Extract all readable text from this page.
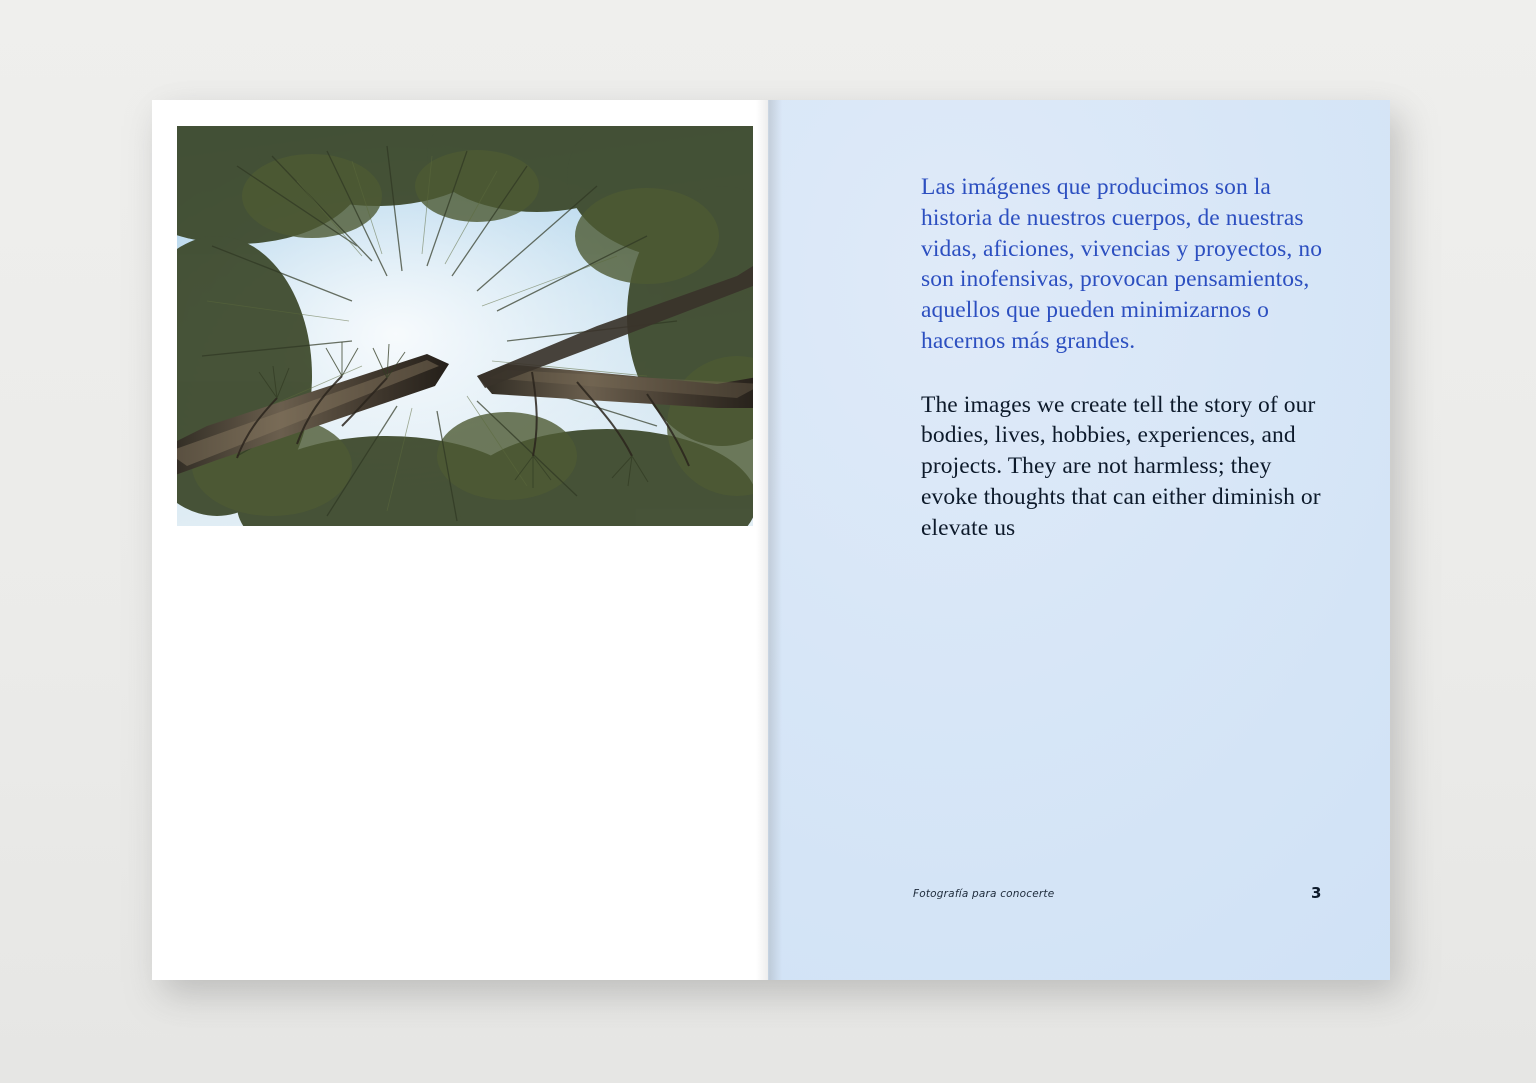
Las imágenes que producimos son la historia de nuestros cuerpos, de nuestras vidas, aficiones, vivencias y proyectos, no son inofensivas, provocan pensamientos, aquellos que pueden minimizarnos o hacernos más grandes.

The images we create tell the story of our bodies, lives, hobbies, experiences, and projects. They are not harmless; they evoke thoughts that can either diminish or elevate us

Fotografía para conocerte	3
